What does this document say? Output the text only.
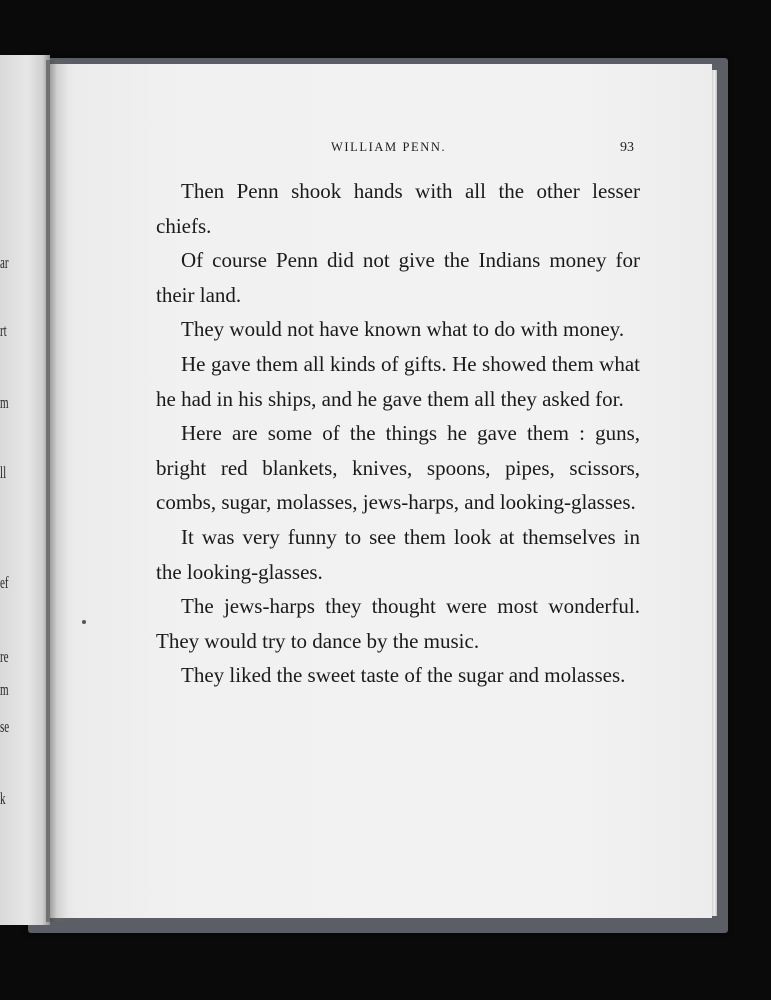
ar
rt
m
ll
ef
re
m
se
k
WILLIAM PENN.	93

Then Penn shook hands with all the other lesser chiefs.

Of course Penn did not give the Indians money for their land.

They would not have known what to do with money.

He gave them all kinds of gifts. He showed them what he had in his ships, and he gave them all they asked for.

Here are some of the things he gave them : guns, bright red blankets, knives, spoons, pipes, scissors, combs, sugar, molasses, jews-harps, and looking-glasses.

It was very funny to see them look at themselves in the looking-glasses.

The jews-harps they thought were most wonderful. They would try to dance by the music.

They liked the sweet taste of the sugar and molasses.
